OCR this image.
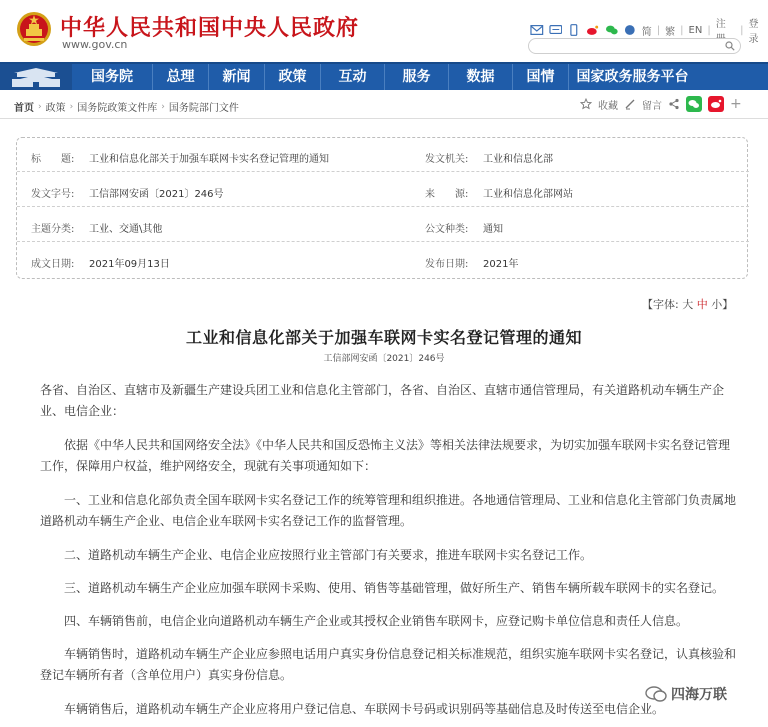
中华人民共和国中央人民政府
www.gov.cn
简 | 繁 | EN | 注	| 登录
国务院	总理	新闻	政策	互动	服务	数据	国情	国家政务服务平台
首页 › 政策 › 国务院政策文件库 › 国务院部门文件	收藏 留言	+
标　　题: 工业和信息化部关于加强车联网卡实名登记管理的通知	发文机关: 工业和信息化部
发文字号: 工信部网安函〔2021〕246号	来　　源: 工业和信息化部网站
主题分类: 工业、交通\其他	公文种类: 通知
成文日期: 2021年09月13日	发布日期: 2021年
【字体: 大 中 小】
工业和信息化部关于加强车联网卡实名登记管理的通知
工信部网安函〔2021〕246号
各省、自治区、直辖市及新疆生产建设兵团工业和信息化主管部门，各省、自治区、直辖市通信管理局，有关道路机动车辆生产企业、电信企业：
依据《中华人民共和国网络安全法》《中华人民共和国反恐怖主义法》等相关法律法规要求，为切实加强车联网卡实名登记管理工作，保障用户权益，维护网络安全，现就有关事项通知如下：
一、工业和信息化部负责全国车联网卡实名登记工作的统筹管理和组织推进。各地通信管理局、工业和信息化主管部门负责属地道路机动车辆生产企业、电信企业车联网卡实名登记工作的监督管理。
二、道路机动车辆生产企业、电信企业应按照行业主管部门有关要求，推进车联网卡实名登记工作。
三、道路机动车辆生产企业应加强车联网卡采购、使用、销售等基础管理，做好所生产、销售车辆所载车联网卡的实名登记。
四、车辆销售前，电信企业向道路机动车辆生产企业或其授权企业销售车联网卡，应登记购卡单位信息和责任人信息。
车辆销售时，道路机动车辆生产企业应参照电话用户真实身份信息登记相关标准规范，组织实施车联网卡实名登记，认真核验和登记车辆所有者（含单位用户）真实身份信息。
车辆销售后，道路机动车辆生产企业应将用户登记信息、车联网卡号码或识别码等基础信息及时传送至电信企业。
四海万联
